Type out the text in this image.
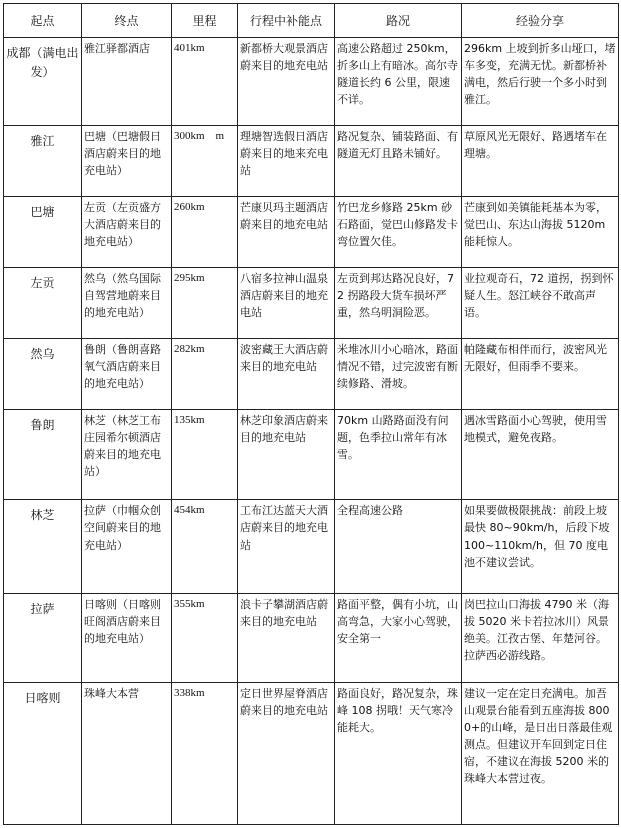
起点	终点	里程	行程中补能点	路况	经验分享
成都（满电出发）	雅江驿都酒店	401km	新都桥大观景酒店蔚来目的地充电站	高速公路超过 250km，折多山上有暗冰。高尔寺隧道长约 6 公里，限速不详。	296km 上坡到折多山垭口，堵车多变，充满无忧。新都桥补满电，然后行驶一个多小时到雅江。
雅江	巴塘（巴塘假日酒店蔚来目的地充电站）	300km　m	理塘智选假日酒店蔚来目的地来充电站	路况复杂、铺装路面、有隧道无灯且路未铺好。	草原风光无限好、路遇堵车在理塘。
巴塘	左贡（左贡盛方大酒店蔚来目的地充电站）	260km	芒康贝玛主题酒店蔚来目的地充电站	竹巴龙乡修路 25km 砂石路面，觉巴山修路发卡弯位置欠佳。	芒康到如美镇能耗基本为零，觉巴山、东达山海拔 5120m 能耗惊人。
左贡	然乌（然乌国际自驾营地蔚来目的地充电站）	295km	八宿多拉神山温泉酒店蔚来目的地充电站	左贡到邦达路况良好，72 拐路段大货车损坏严重，然乌明洞险恶。	业拉观奇石，72 道拐，拐到怀疑人生。怒江峡谷不敢高声语。
然乌	鲁朗（鲁朗喜路氧气酒店蔚来目的地充电站）	282km	波密藏王大酒店蔚来目的地充电站	米堆冰川小心暗冰，路面情况不错，过完波密有断续修路、滑坡。	帕隆藏布相伴而行，波密风光无限好，但雨季不要来。
鲁朗	林芝（林芝工布庄园希尔顿酒店蔚来目的地充电站）	135km	林芝印象酒店蔚来目的地充电站	70km 山路路面没有问题，色季拉山常年有冰雪。	遇冰雪路面小心驾驶，使用雪地模式，避免夜路。
林芝	拉萨（巾帼众创空间蔚来目的地充电站）	454km	工布江达蓝天大酒店蔚来目的地充电站	全程高速公路	如果要做极限挑战：前段上坡最快 80~90km/h，后段下坡 100~110km/h，但 70 度电池不建议尝试。
拉萨	日喀则（日喀则旺阁酒店蔚来目的地充电站）	355km	浪卡子攀湖酒店蔚来目的地充电站	路面平整，偶有小坑，山高弯急，大家小心驾驶，安全第一	岗巴拉山口海拔 4790 米（海拔 5020 米卡若拉冰川）风景绝美。江孜古堡、年楚河谷。拉萨西必游线路。
日喀则	珠峰大本营	338km	定日世界屋脊酒店蔚来目的地充电站	路面良好，路况复杂，珠峰 108 拐哦！天气寒冷能耗大。	建议一定在定日充满电。加吾山观景台能看到五座海拔 8000+的山峰，是日出日落最佳观测点。但建议开车回到定日住宿，不建议在海拔 5200 米的珠峰大本营过夜。
